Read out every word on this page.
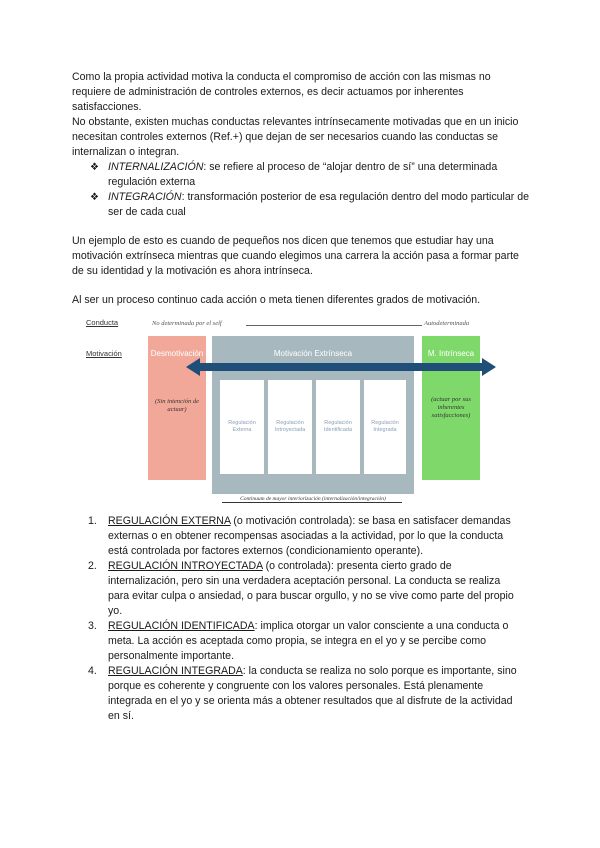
Como la propia actividad motiva la conducta el compromiso de acción con las mismas no requiere de administración de controles externos, es decir actuamos por inherentes satisfacciones.

No obstante, existen muchas conductas relevantes intrínsecamente motivadas que en un inicio necesitan controles externos (Ref.+) que dejan de ser necesarios cuando las conductas se internalizan o integran.

❖ INTERNALIZACIÓN: se refiere al proceso de “alojar dentro de sí” una determinada regulación externa
❖ INTEGRACIÓN: transformación posterior de esa regulación dentro del modo particular de ser de cada cual

Un ejemplo de esto es cuando de pequeños nos dicen que tenemos que estudiar hay una motivación extrínseca mientras que cuando elegimos una carrera la acción pasa a formar parte de su identidad y la motivación es ahora intrínseca.

Al ser un proceso continuo cada acción o meta tienen diferentes grados de motivación.

Conducta	No determinada por el self	Autodeterminada
Motivación	Desmotivación
(Sin intención de actuar)
Motivación Extrínseca
Regulación Externa
Regulación Introyectada
Regulación Identificada
Regulación Integrada
Continuum de mayor interiorización (internalización/integración)
M. Intrínseca
(actuar por sus inherentes satisfacciones)
1. REGULACIÓN EXTERNA (o motivación controlada): se basa en satisfacer demandas externas o en obtener recompensas asociadas a la actividad, por lo que la conducta está controlada por factores externos (condicionamiento operante).
2. REGULACIÓN INTROYECTADA (o controlada): presenta cierto grado de internalización, pero sin una verdadera aceptación personal. La conducta se realiza para evitar culpa o ansiedad, o para buscar orgullo, y no se vive como parte del propio yo.
3. REGULACIÓN IDENTIFICADA: implica otorgar un valor consciente a una conducta o meta. La acción es aceptada como propia, se integra en el yo y se percibe como personalmente importante.
4. REGULACIÓN INTEGRADA: la conducta se realiza no solo porque es importante, sino porque es coherente y congruente con los valores personales. Está plenamente integrada en el yo y se orienta más a obtener resultados que al disfrute de la actividad en sí.
